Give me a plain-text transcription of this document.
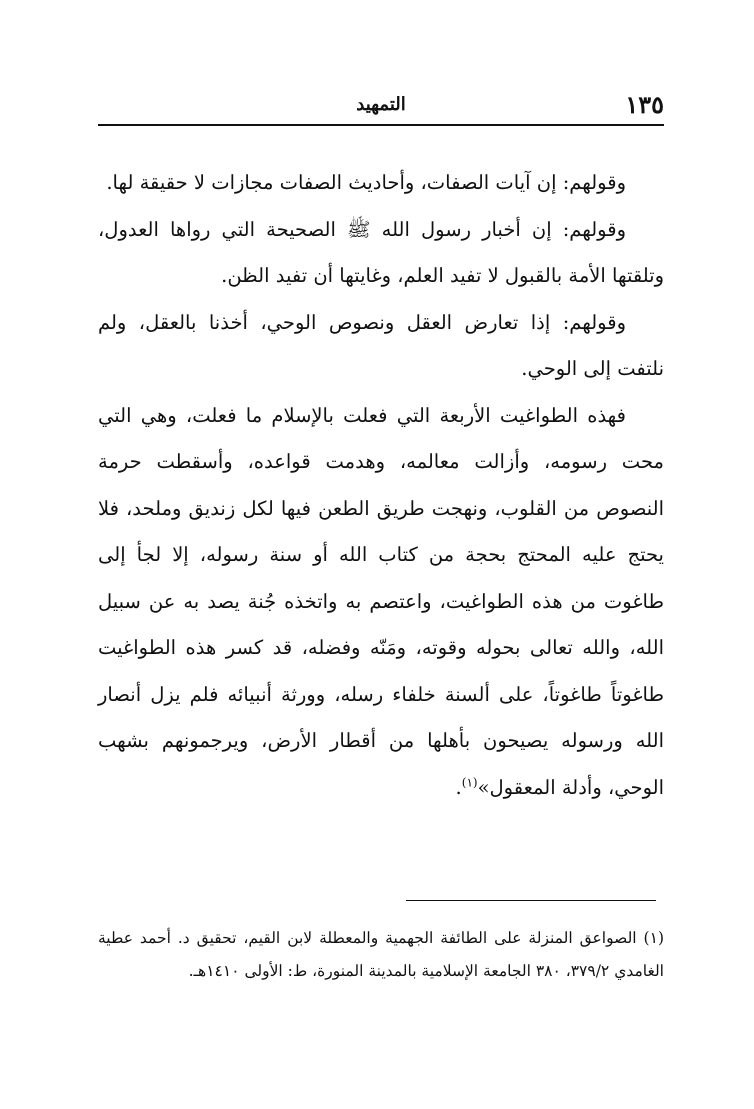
١٣٥
التمهيد

وقولهم: إن آيات الصفات، وأحاديث الصفات مجازات لا حقيقة لها.

وقولهم: إن أخبار رسول الله ﷺ الصحيحة التي رواها العدول، وتلقتها الأمة بالقبول لا تفيد العلم، وغايتها أن تفيد الظن.

وقولهم: إذا تعارض العقل ونصوص الوحي، أخذنا بالعقل، ولم نلتفت إلى الوحي.

فهذه الطواغيت الأربعة التي فعلت بالإسلام ما فعلت، وهي التي محت رسومه، وأزالت معالمه، وهدمت قواعده، وأسقطت حرمة النصوص من القلوب، ونهجت طريق الطعن فيها لكل زنديق وملحد، فلا يحتج عليه المحتج بحجة من كتاب الله أو سنة رسوله، إلا لجأ إلى طاغوت من هذه الطواغيت، واعتصم به واتخذه جُنة يصد به عن سبيل الله، والله تعالى بحوله وقوته، ومَنّه وفضله، قد كسر هذه الطواغيت طاغوتاً طاغوتاً، على ألسنة خلفاء رسله، وورثة أنبيائه فلم يزل أنصار الله ورسوله يصيحون بأهلها من أقطار الأرض، ويرجمونهم بشهب الوحي، وأدلة المعقول»$^{(١)}$.

(١) الصواعق المنزلة على الطائفة الجهمية والمعطلة لابن القيم، تحقيق د. أحمد عطية الغامدي ٣٧٩/٢، ٣٨٠ الجامعة الإسلامية بالمدينة المنورة، ط: الأولى ١٤١٠هـ.
